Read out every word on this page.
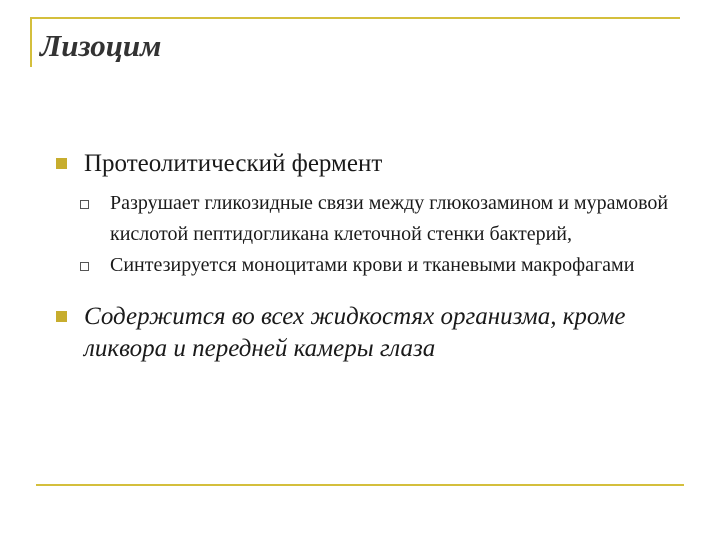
Лизоцим
Протеолитический фермент
Разрушает гликозидные связи между глюкозамином и мурамовой кислотой пептидогликана клеточной стенки бактерий,
Синтезируется моноцитами крови и тканевыми макрофагами
Содержится во всех жидкостях организма, кроме ликвора и передней камеры глаза
